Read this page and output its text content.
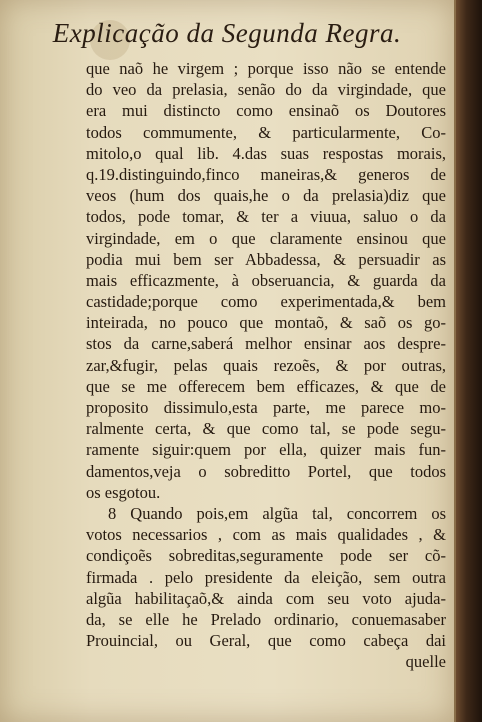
Explicação da Segunda Regra.
que naõ he virgem ; porque isso não se entende
do veo da prelasia, senão do da virgindade, que
era mui distincto como ensinaõ os Doutores
todos commumente, & particularmente, Co-
mitolo,o qual lib. 4.das suas respostas morais,
q.19.distinguindo,finco maneiras,& generos de
veos (hum dos quais,he o da prelasia)diz que
todos, pode tomar, & ter a viuua, saluo o da
virgindade, em o que claramente ensinou que
podia mui bem ser Abbadessa, & persuadir as
mais efficazmente, à obseruancia, & guarda da
castidade;porque como experimentada,& bem
inteirada, no pouco que montaõ, & saõ os go-
stos da carne,saberá melhor ensinar aos despre-
zar,&fugir, pelas quais rezoẽs, & por outras,
que se me offerecem bem efficazes, & que de
proposito dissimulo,esta parte, me parece mo-
ralmente certa, & que como tal, se pode segu-
ramente siguir:quem por ella, quizer mais fun-
damentos,veja o sobreditto Portel, que todos
os esgotou.
8 Quando pois,em algũa tal, concorrem os
votos necessarios , com as mais qualidades , &
condiçoẽs sobreditas,seguramente pode ser cõ-
firmada . pelo presidente da eleição, sem outra
algũa habilitaçaõ,& ainda com seu voto ajuda-
da, se elle he Prelado ordinario, conuemasaber
Prouincial, ou Geral, que como cabeça dai
quelle
